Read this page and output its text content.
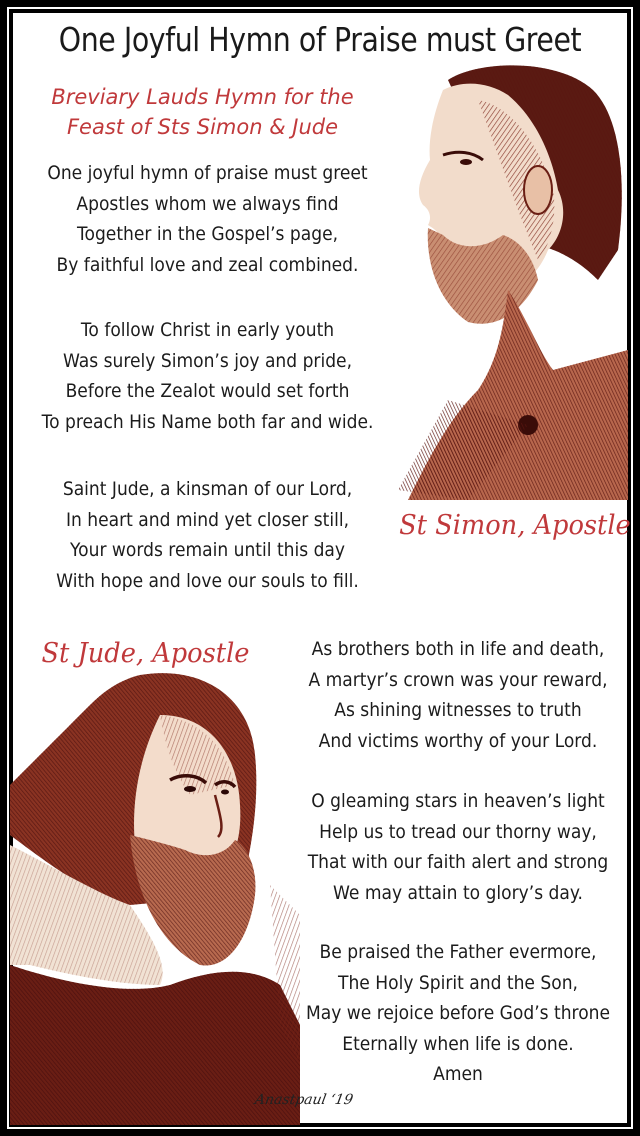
One Joyful Hymn of Praise must Greet
Breviary Lauds Hymn for the
Feast of Sts Simon & Jude
St Simon, Apostle
One joyful hymn of praise must greet
Apostles whom we always find
Together in the Gospel’s page,
By faithful love and zeal combined.
To follow Christ in early youth
Was surely Simon’s joy and pride,
Before the Zealot would set forth
To preach His Name both far and wide.
Saint Jude, a kinsman of our Lord,
In heart and mind yet closer still,
Your words remain until this day
With hope and love our souls to fill.
St Jude, Apostle	As brothers both in life and death,
A martyr’s crown was your reward,
As shining witnesses to truth
And victims worthy of your Lord.
O gleaming stars in heaven’s light
Help us to tread our thorny way,
That with our faith alert and strong
We may attain to glory’s day.
Be praised the Father evermore,
The Holy Spirit and the Son,
May we rejoice before God’s throne
Eternally when life is done.
Amen
Anastpaul ‘19
